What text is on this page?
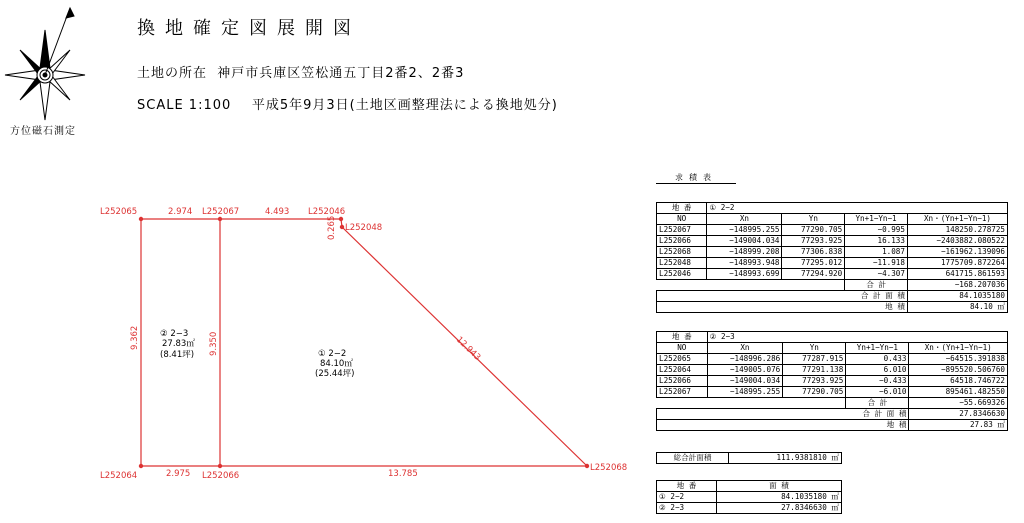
換地確定図展開図
土地の所在 神戸市兵庫区笠松通五丁目2番2、2番3
SCALE 1:100 平成5年9月3日(土地区画整理法による換地処分)
方位磁石測定
L252065	L252067	L252046
L252048
L252068
L252066
L252064
2.974	4.493
0.265
12.943
9.362	9.350
2.975	13.785
② 2−3
27.83㎡
(8.41坪)	① 2−2
84.10㎡
(25.44坪)
求積表
地 番	① 2−2			
NO	Xn	Yn	Yn+1−Yn−1	Xn・(Yn+1−Yn−1)
L252067	−148995.255	77290.705	−0.995	148250.278725
L252066	−149004.034	77293.925	16.133	−2403882.080522
L252068	−148999.208	77306.838	1.087	−161962.139096
L252048	−148993.948	77295.012	−11.918	1775709.872264
L252046	−148993.699	77294.920	−4.307	641715.861593
			合 計	−168.207036
合 計 面 積				84.1035180
地 積				84.10 ㎡
地 番	② 2−3			
NO	Xn	Yn	Yn+1−Yn−1	Xn・(Yn+1−Yn−1)
L252065	−148996.286	77287.915	0.433	−64515.391838
L252064	−149005.076	77291.138	6.010	−895520.506760
L252066	−149004.034	77293.925	−0.433	64518.746722
L252067	−148995.255	77290.705	−6.010	895461.482550
			合 計	−55.669326
合 計 面 積				27.8346630
地 積				27.83 ㎡
総合計面積	111.9381810 ㎡
地 番	面 積
① 2−2	84.1035180 ㎡
② 2−3	27.8346630 ㎡
